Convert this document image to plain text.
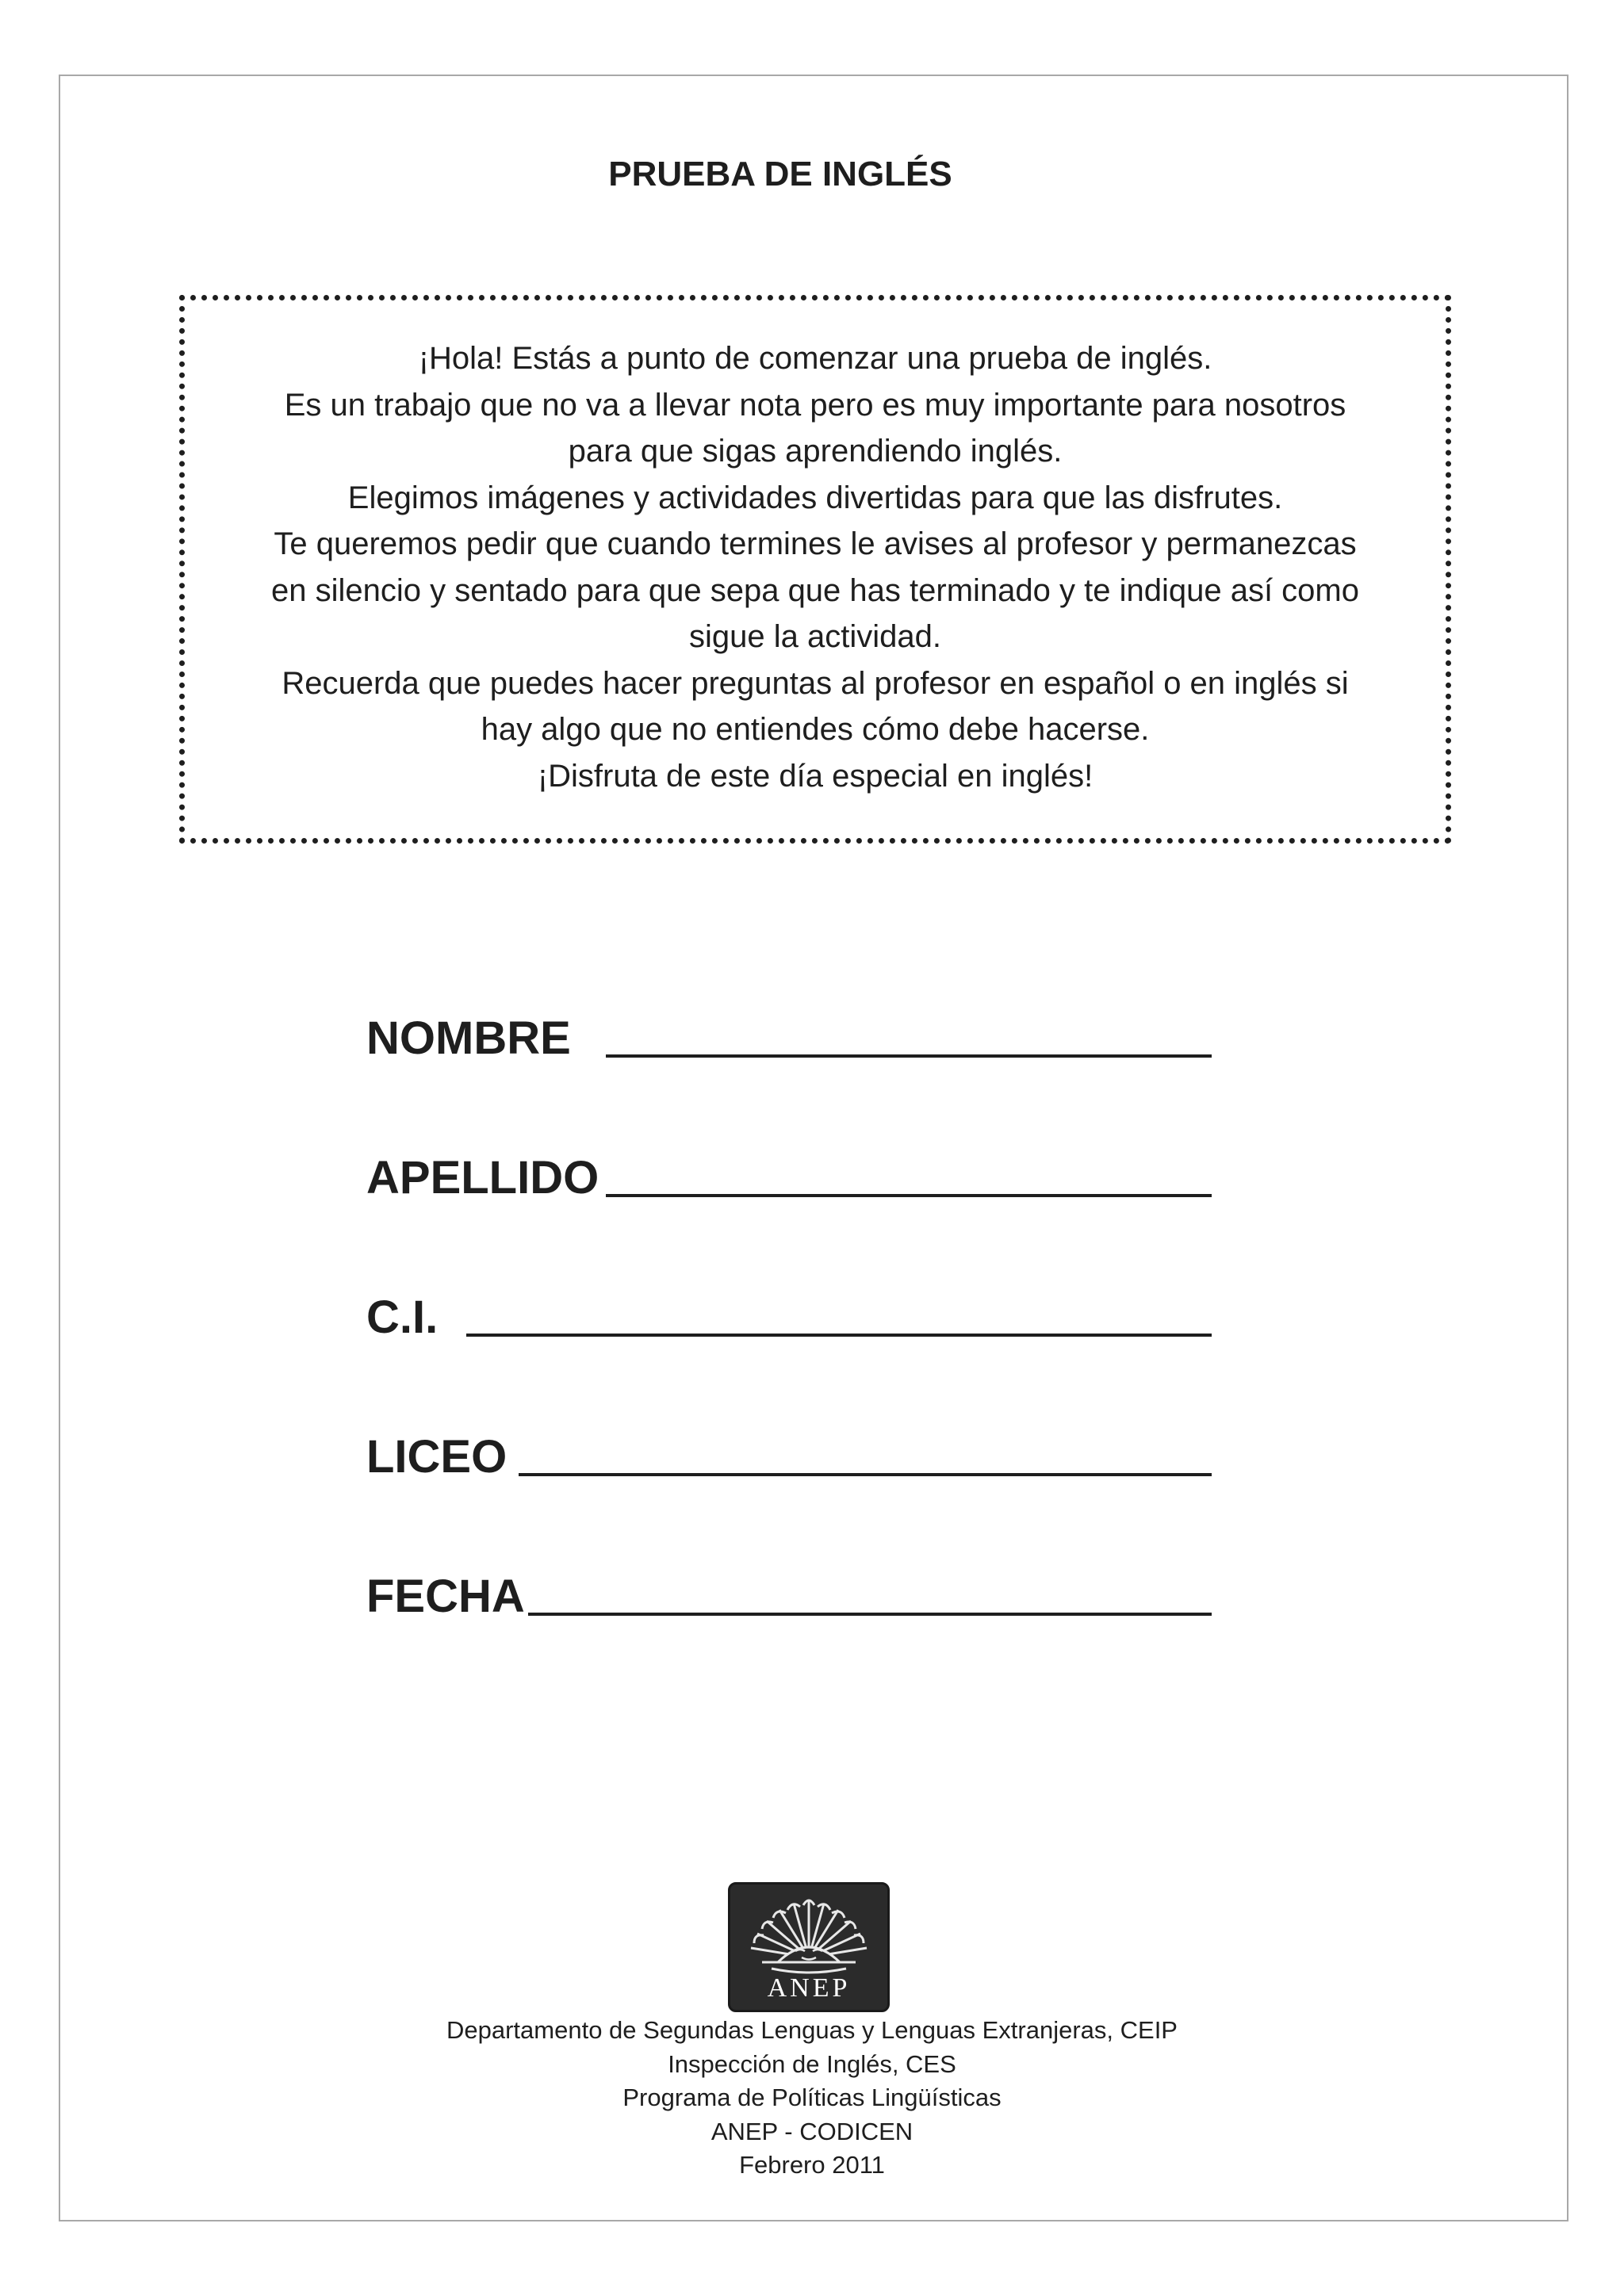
PRUEBA DE INGLÉS
¡Hola! Estás a punto de comenzar una prueba de inglés.
Es un trabajo que no va a llevar nota pero es muy importante para nosotros
para que sigas aprendiendo inglés.
Elegimos imágenes y actividades divertidas para que las disfrutes.
Te queremos pedir que cuando termines le avises al profesor y permanezcas
en silencio y sentado para que sepa que has terminado y te indique así como
sigue la actividad.
Recuerda que puedes hacer preguntas al profesor en español o en inglés si
hay algo que no entiendes cómo debe hacerse.
¡Disfruta de este día especial en inglés!
NOMBRE
APELLIDO
C.I.
LICEO
FECHA
ANEP
Departamento de Segundas Lenguas y Lenguas Extranjeras, CEIP
Inspección de Inglés, CES
Programa de Políticas Lingüísticas
ANEP - CODICEN
Febrero 2011
